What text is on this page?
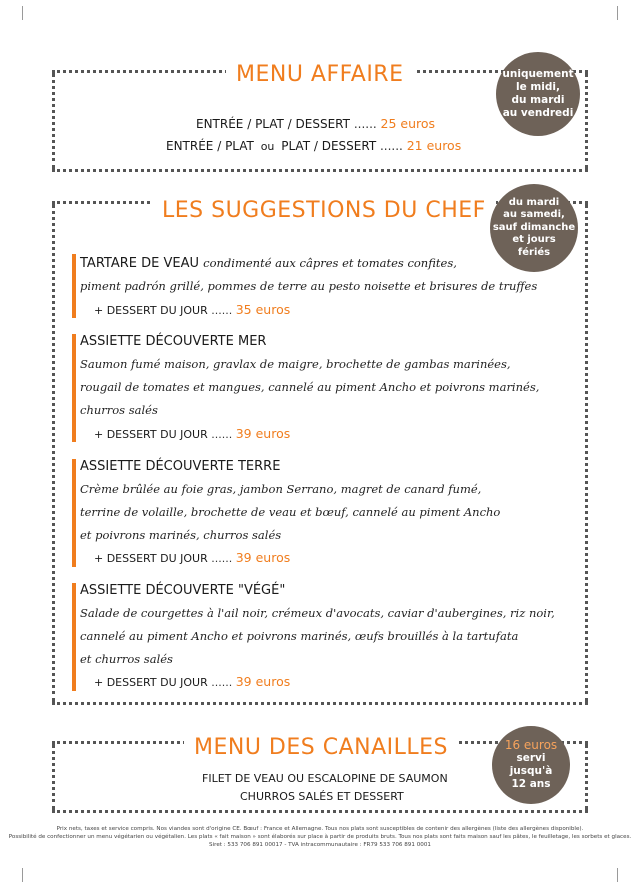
MENU AFFAIRE	uniquement
le midi,
du mardi
au vendredi
ENTRÉE / PLAT / DESSERT ...... 25 euros
ENTRÉE / PLAT ou PLAT / DESSERT ...... 21 euros
LES SUGGESTIONS DU CHEF	du mardi
au samedi,
sauf dimanche
et jours
fériés
TARTARE DE VEAU condimenté aux câpres et tomates confites,
piment padrón grillé, pommes de terre au pesto noisette et brisures de truffes
+ DESSERT DU JOUR ...... 35 euros
ASSIETTE DÉCOUVERTE MER
Saumon fumé maison, gravlax de maigre, brochette de gambas marinées,
rougail de tomates et mangues, cannelé au piment Ancho et poivrons marinés,
churros salés
+ DESSERT DU JOUR ...... 39 euros
ASSIETTE DÉCOUVERTE TERRE
Crème brûlée au foie gras, jambon Serrano, magret de canard fumé,
terrine de volaille, brochette de veau et bœuf, cannelé au piment Ancho
et poivrons marinés, churros salés
+ DESSERT DU JOUR ...... 39 euros
ASSIETTE DÉCOUVERTE "VÉGÉ"
Salade de courgettes à l'ail noir, crémeux d'avocats, caviar d'aubergines, riz noir,
cannelé au piment Ancho et poivrons marinés, œufs brouillés à la tartufata
et churros salés
+ DESSERT DU JOUR ...... 39 euros
MENU DES CANAILLES	16 euros
servi
jusqu'à
12 ans
FILET DE VEAU OU ESCALOPINE DE SAUMON
CHURROS SALÉS ET DESSERT
Prix nets, taxes et service compris. Nos viandes sont d'origine CE. Bœuf : France et Allemagne. Tous nos plats sont susceptibles de contenir des allergènes (liste des allergènes disponible).
Possibilité de confectionner un menu végétarien ou végétalien. Les plats « fait maison » sont élaborés sur place à partir de produits bruts. Tous nos plats sont faits maison sauf les pâtes, le feuilletage, les sorbets et glaces.
Siret : 533 706 891 00017 - TVA intracommunautaire : FR79 533 706 891 0001
